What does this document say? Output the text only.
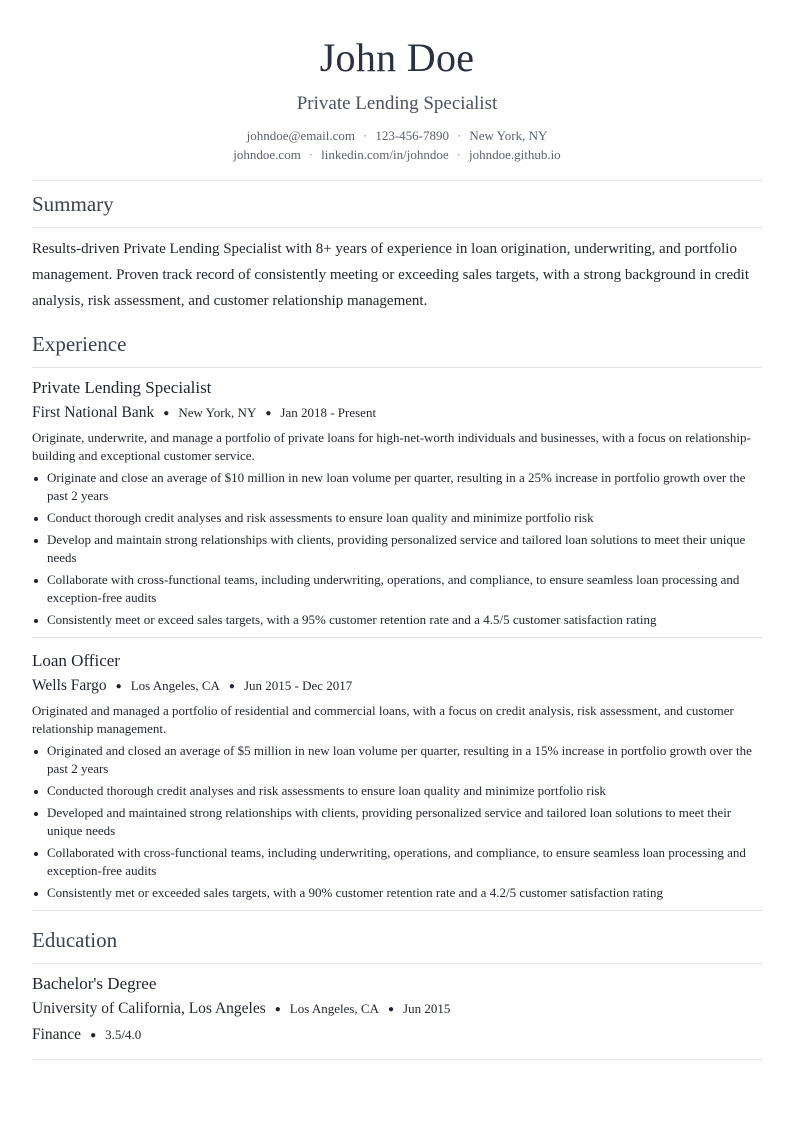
John Doe
Private Lending Specialist
johndoe@email.com · 123-456-7890 · New York, NY
johndoe.com · linkedin.com/in/johndoe · johndoe.github.io
Summary

Results-driven Private Lending Specialist with 8+ years of experience in loan origination, underwriting, and portfolio management. Proven track record of consistently meeting or exceeding sales targets, with a strong background in credit analysis, risk assessment, and customer relationship management.

Experience
Private Lending Specialist
First National Bank ● New York, NY ● Jan 2018 - Present

Originate, underwrite, and manage a portfolio of private loans for high-net-worth individuals and businesses, with a focus on relationship-building and exceptional customer service.

Originate and close an average of $10 million in new loan volume per quarter, resulting in a 25% increase in portfolio growth over the past 2 years
Conduct thorough credit analyses and risk assessments to ensure loan quality and minimize portfolio risk
Develop and maintain strong relationships with clients, providing personalized service and tailored loan solutions to meet their unique needs
Collaborate with cross-functional teams, including underwriting, operations, and compliance, to ensure seamless loan processing and exception-free audits
Consistently meet or exceed sales targets, with a 95% customer retention rate and a 4.5/5 customer satisfaction rating
Loan Officer
Wells Fargo ● Los Angeles, CA ● Jun 2015 - Dec 2017

Originated and managed a portfolio of residential and commercial loans, with a focus on credit analysis, risk assessment, and customer relationship management.

Originated and closed an average of $5 million in new loan volume per quarter, resulting in a 15% increase in portfolio growth over the past 2 years
Conducted thorough credit analyses and risk assessments to ensure loan quality and minimize portfolio risk
Developed and maintained strong relationships with clients, providing personalized service and tailored loan solutions to meet their unique needs
Collaborated with cross-functional teams, including underwriting, operations, and compliance, to ensure seamless loan processing and exception-free audits
Consistently met or exceeded sales targets, with a 90% customer retention rate and a 4.2/5 customer satisfaction rating
Education
Bachelor's Degree
University of California, Los Angeles ● Los Angeles, CA ● Jun 2015
Finance ● 3.5/4.0
